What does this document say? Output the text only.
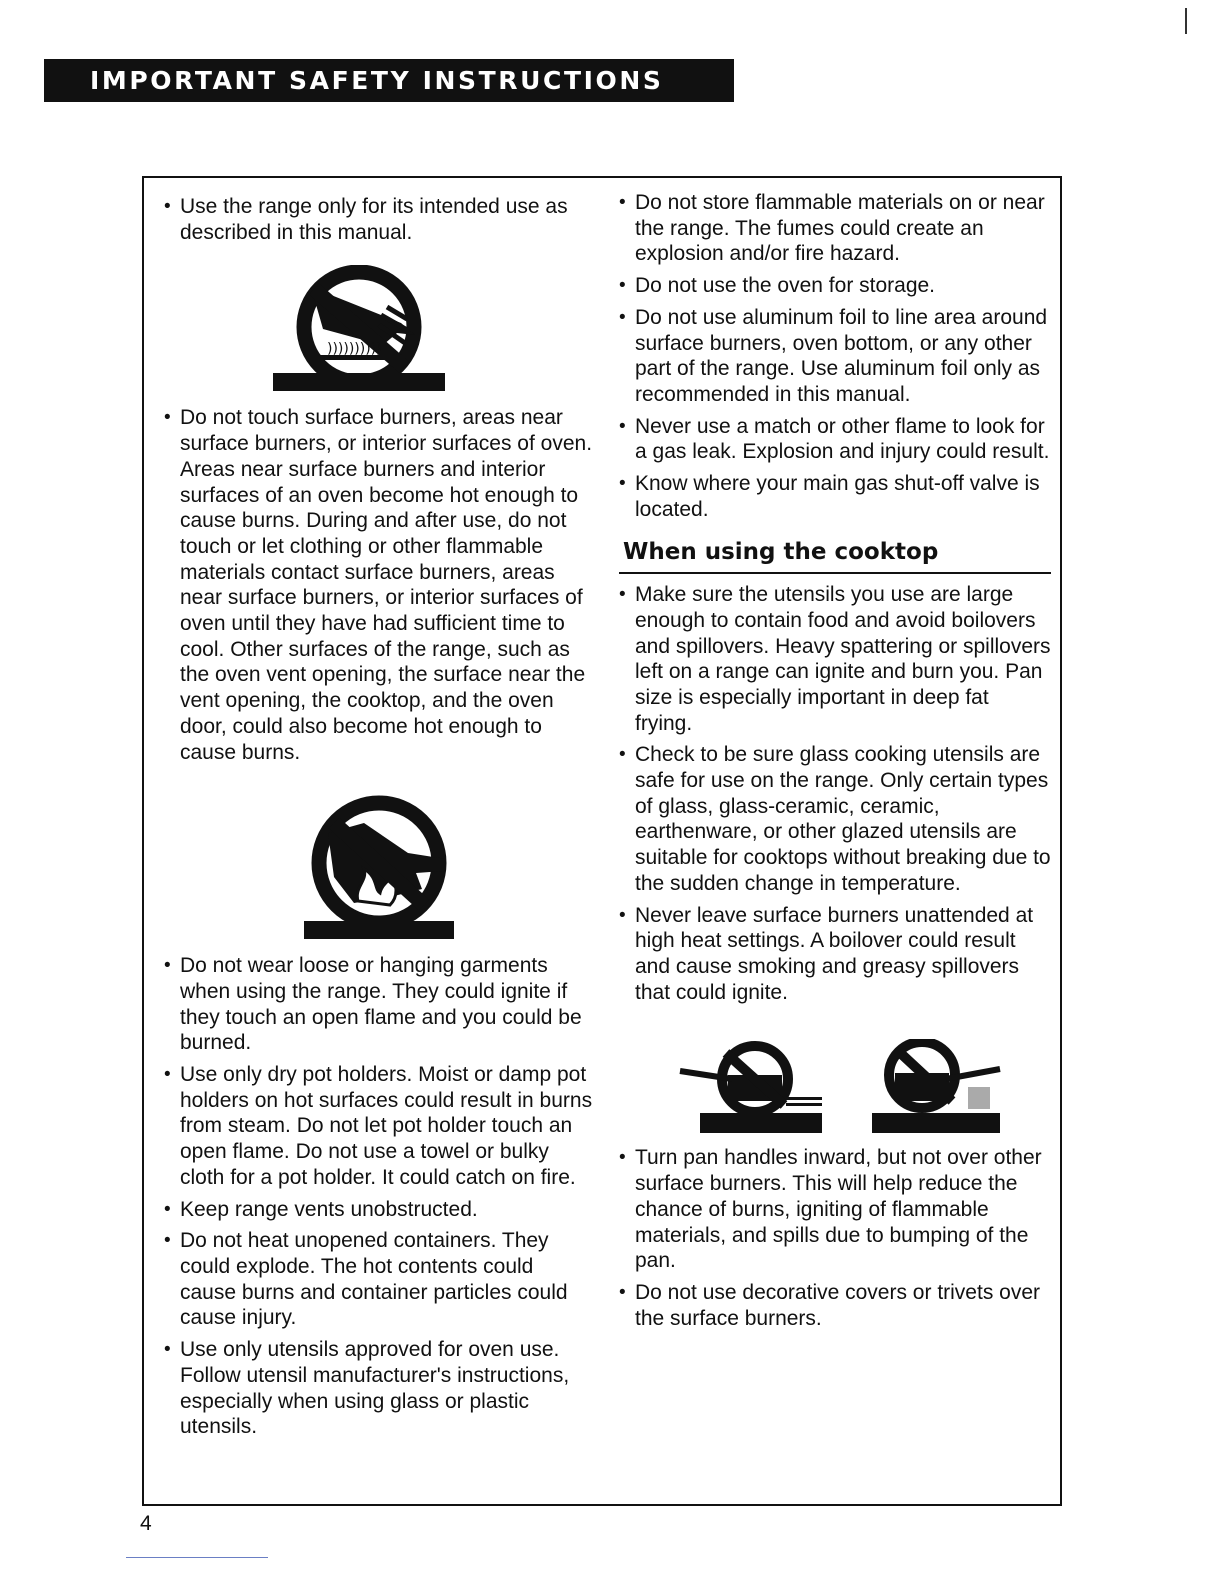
IMPORTANT SAFETY INSTRUCTIONS

• Use the range only for its intended use as described in this manual.

))))))))))

• Do not touch surface burners, areas near surface burners, or interior surfaces of oven. Areas near surface burners and interior surfaces of an oven become hot enough to cause burns. During and after use, do not touch or let clothing or other flammable materials contact surface burners, areas near surface burners, or interior surfaces of oven until they have had sufficient time to cool. Other surfaces of the range, such as the oven vent opening, the surface near the vent opening, the cooktop, and the oven door, could also become hot enough to cause burns.

• Do not wear loose or hanging garments when using the range. They could ignite if they touch an open flame and you could be burned.

• Use only dry pot holders. Moist or damp pot holders on hot surfaces could result in burns from steam. Do not let pot holder touch an open flame. Do not use a towel or bulky cloth for a pot holder. It could catch on fire.

• Keep range vents unobstructed.

• Do not heat unopened containers. They could explode. The hot contents could cause burns and container particles could cause injury.

• Use only utensils approved for oven use. Follow utensil manufacturer's instructions, especially when using glass or plastic utensils.

• Do not store flammable materials on or near the range. The fumes could create an explosion and/or fire hazard.

• Do not use the oven for storage.

• Do not use aluminum foil to line area around surface burners, oven bottom, or any other part of the range. Use aluminum foil only as recommended in this manual.

• Never use a match or other flame to look for a gas leak. Explosion and injury could result.

• Know where your main gas shut-off valve is located.

When using the cooktop

• Make sure the utensils you use are large enough to contain food and avoid boilovers and spillovers. Heavy spattering or spillovers left on a range can ignite and burn you. Pan size is especially important in deep fat frying.

• Check to be sure glass cooking utensils are safe for use on the range. Only certain types of glass, glass-ceramic, ceramic, earthenware, or other glazed utensils are suitable for cooktops without breaking due to the sudden change in temperature.

• Never leave surface burners unattended at high heat settings. A boilover could result and cause smoking and greasy spillovers that could ignite.

• Turn pan handles inward, but not over other surface burners. This will help reduce the chance of burns, igniting of flammable materials, and spills due to bumping of the pan.

• Do not use decorative covers or trivets over the surface burners.

4
